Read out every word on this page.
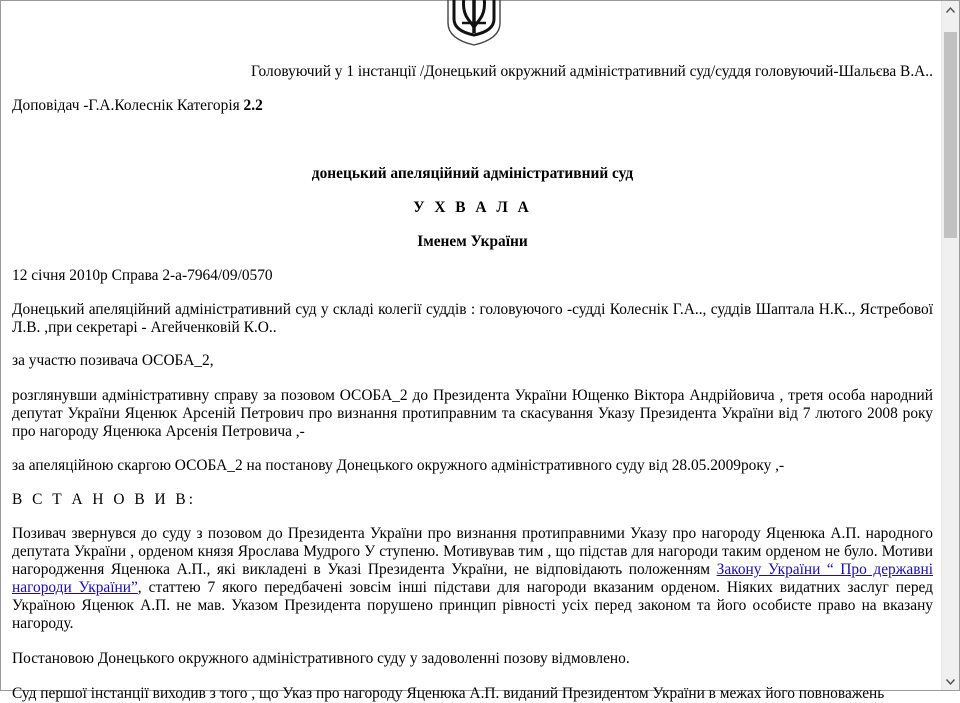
Головуючий у 1 інстанції /Донецький окружний адміністративний суд/суддя головуючий-Шальєва В.А..
Доповідач -Г.А.Колеснік Категорія 2.2
донецький апеляційний адміністративний суд
У Х В А Л А
Іменем України
12 січня 2010р Справа 2-а-7964/09/0570
Донецький апеляційний адміністративний суд у складі колегії суддів : головуючого -судді Колеснік Г.А.., суддів Шаптала Н.К.., Ястребової Л.В. ,при секретарі - Агейченковій К.О..
за участю позивача ОСОБА_2,
розглянувши адміністративну справу за позовом ОСОБА_2 до Президента України Ющенко Віктора Андрійовича , третя особа народний депутат України Яценюк Арсеній Петрович про визнання протиправним та скасування Указу Президента України від 7 лютого 2008 року про нагороду Яценюка Арсенія Петровича ,-
за апеляційною скаргою ОСОБА_2 на постанову Донецького окружного адміністративного суду від 28.05.2009року ,-
В С Т А Н О В И В:
Позивач звернувся до суду з позовом до Президента України про визнання протиправними Указу про нагороду Яценюка А.П. народного депутата України , орденом князя Ярослава Мудрого У ступеню. Мотивував тим , що підстав для нагороди таким орденом не було. Мотиви нагородження Яценюка А.П., які викладені в Указі Президента України, не відповідають положенням Закону України “ Про державні нагороди України”, статтею 7 якого передбачені зовсім інші підстави для нагороди вказаним орденом. Ніяких видатних заслуг перед Україною Яценюк А.П. не мав. Указом Президента порушено принцип рівності усіх перед законом та його особисте право на вказану нагороду.
Постановою Донецького окружного адміністративного суду у задоволенні позову відмовлено.
Суд першої інстанції виходив з того , що Указ про нагороду Яценюка А.П. виданий Президентом України в межах його повноважень
